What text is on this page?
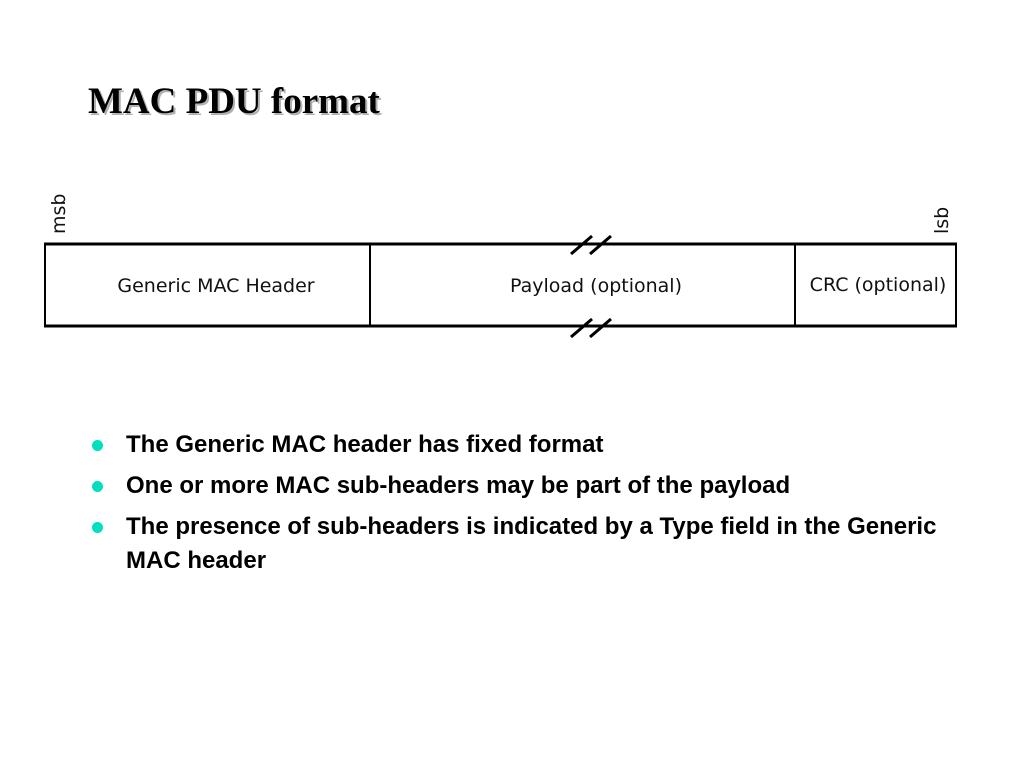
MAC PDU format
msb	lsb
Generic MAC Header	Payload (optional)	CRC (optional)
The Generic MAC header has fixed format
One or more MAC sub-headers may be part of the payload
The presence of sub-headers is indicated by a Type field in the Generic MAC header
